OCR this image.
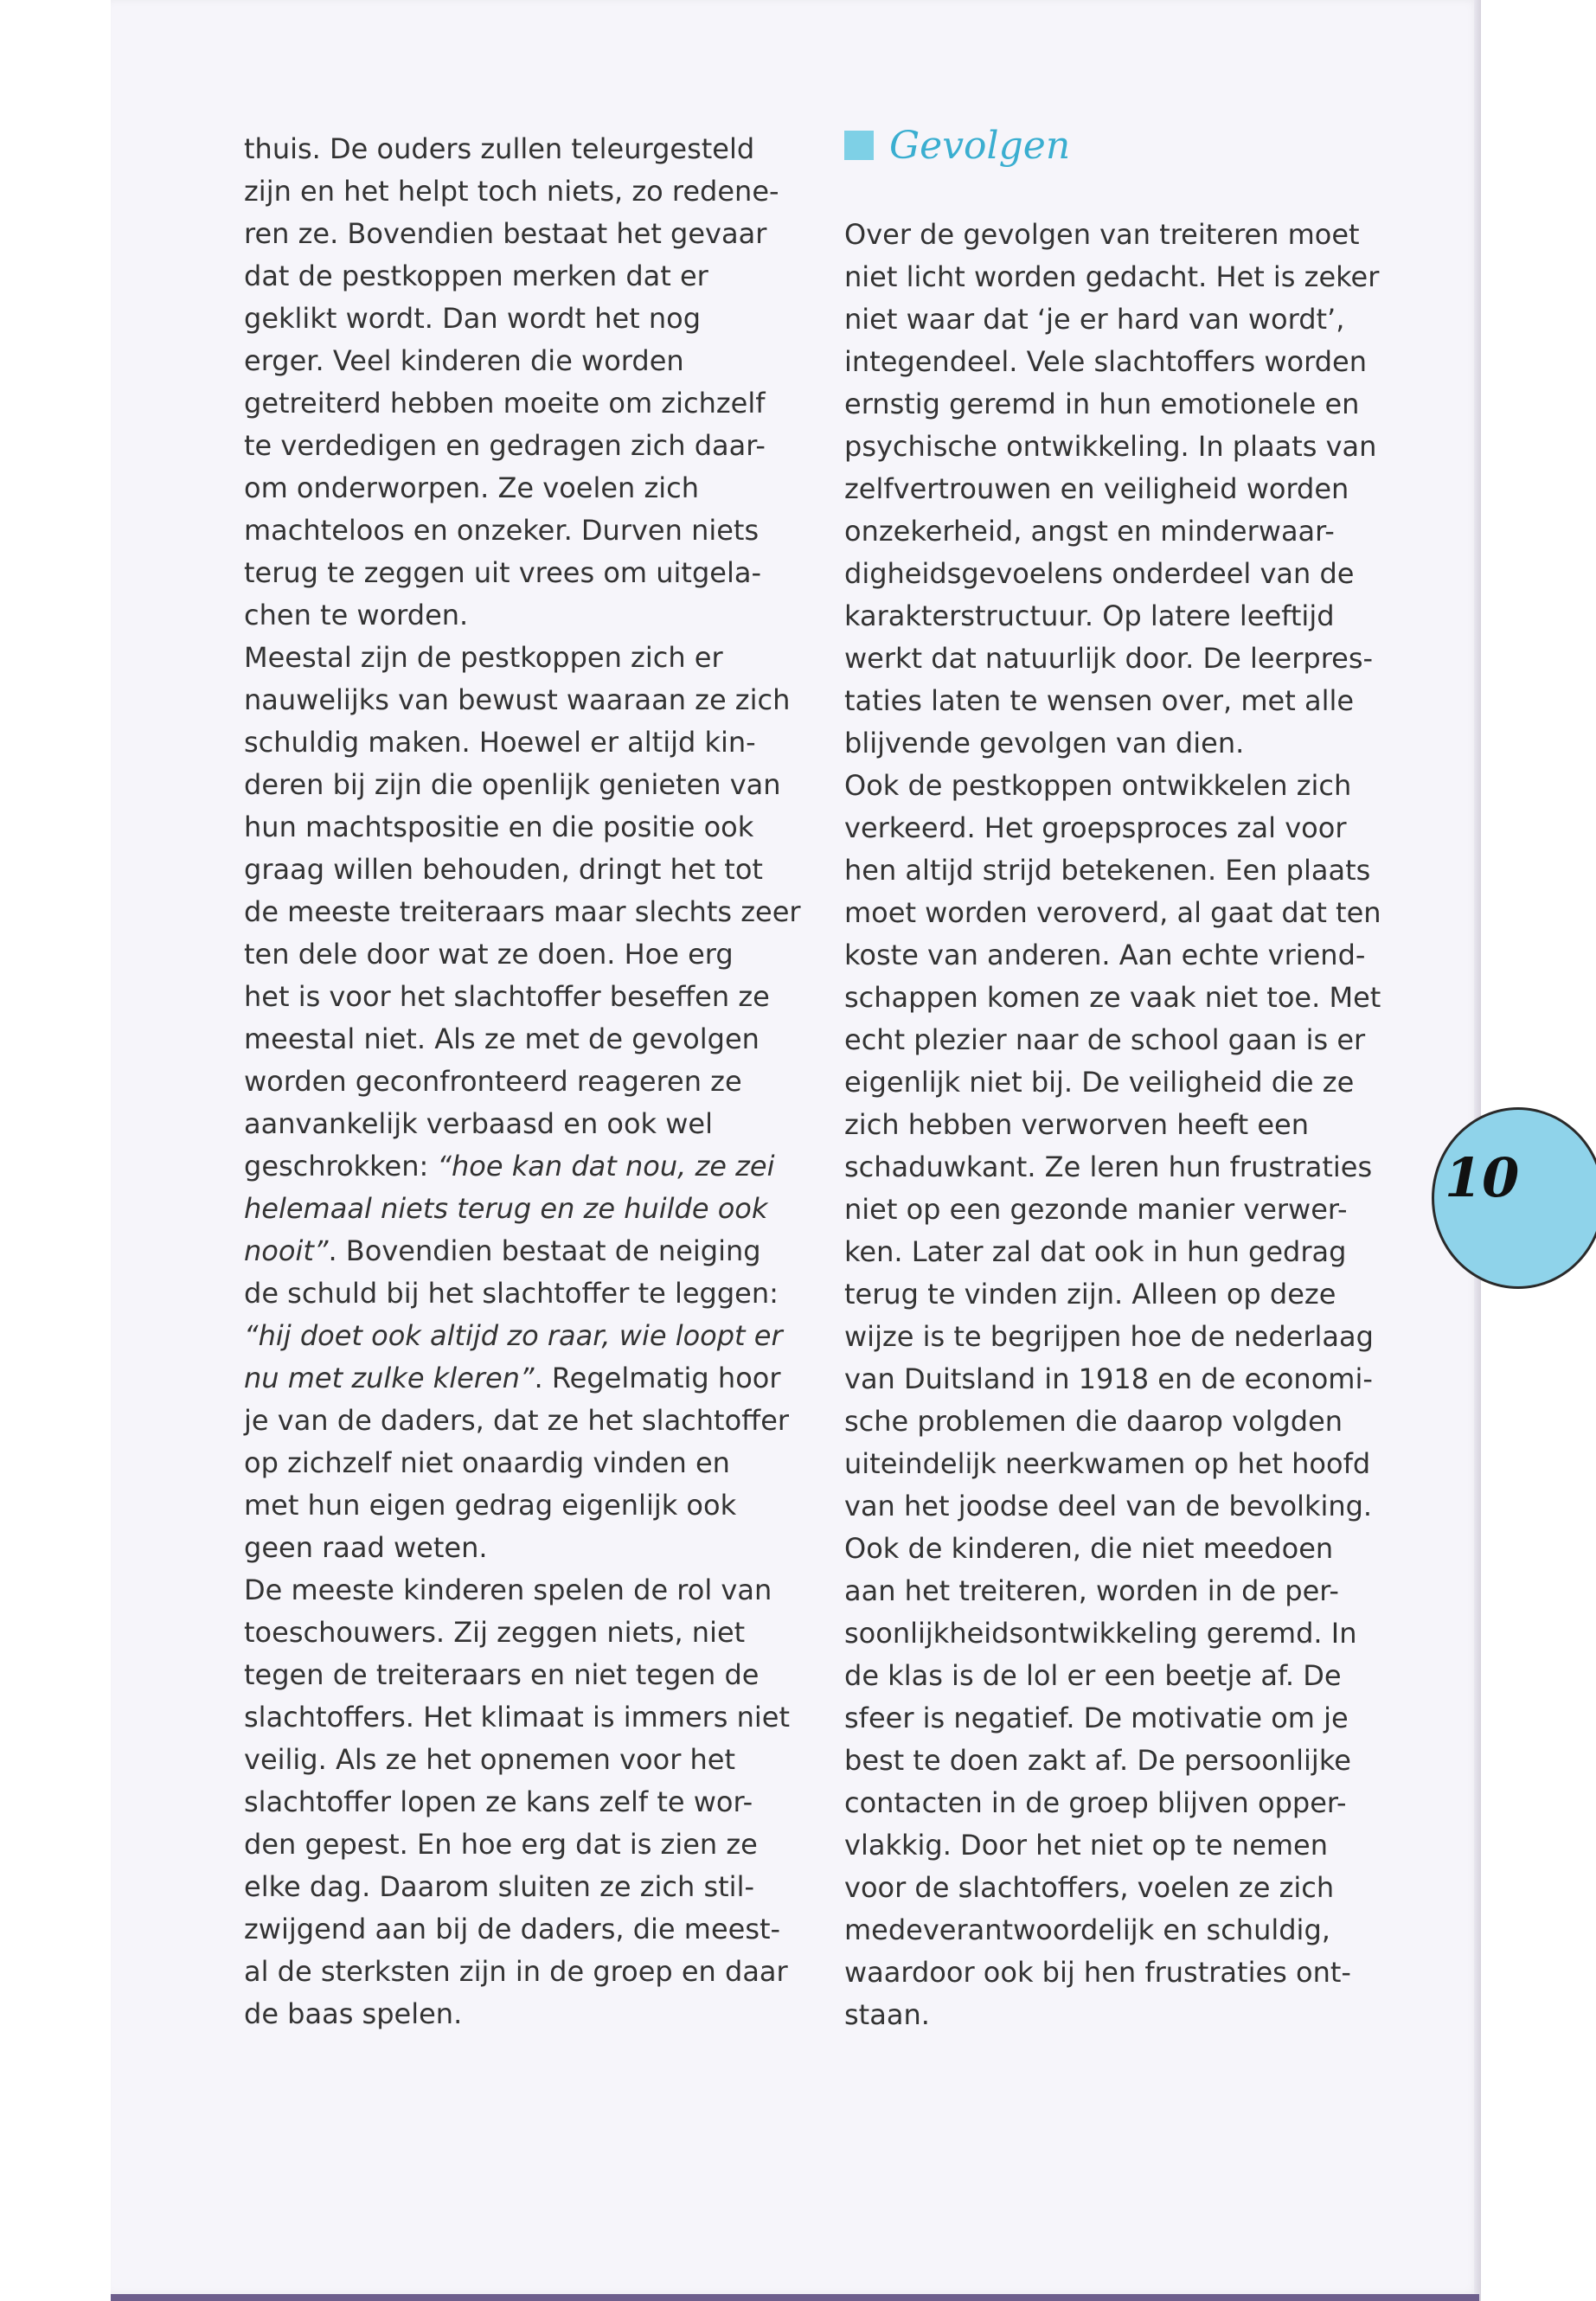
thuis. De ouders zullen teleurgesteld
zijn en het helpt toch niets, zo redene-
ren ze. Bovendien bestaat het gevaar
dat de pestkoppen merken dat er
geklikt wordt. Dan wordt het nog
erger. Veel kinderen die worden
getreiterd hebben moeite om zichzelf
te verdedigen en gedragen zich daar-
om onderworpen. Ze voelen zich
machteloos en onzeker. Durven niets
terug te zeggen uit vrees om uitgela-
chen te worden.
Meestal zijn de pestkoppen zich er
nauwelijks van bewust waaraan ze zich
schuldig maken. Hoewel er altijd kin-
deren bij zijn die openlijk genieten van
hun machtspositie en die positie ook
graag willen behouden, dringt het tot
de meeste treiteraars maar slechts zeer
ten dele door wat ze doen. Hoe erg
het is voor het slachtoffer beseffen ze
meestal niet. Als ze met de gevolgen
worden geconfronteerd reageren ze
aanvankelijk verbaasd en ook wel
geschrokken: “hoe kan dat nou, ze zei
helemaal niets terug en ze huilde ook
nooit”. Bovendien bestaat de neiging
de schuld bij het slachtoffer te leggen:
“hij doet ook altijd zo raar, wie loopt er
nu met zulke kleren”. Regelmatig hoor
je van de daders, dat ze het slachtoffer
op zichzelf niet onaardig vinden en
met hun eigen gedrag eigenlijk ook
geen raad weten.
De meeste kinderen spelen de rol van
toeschouwers. Zij zeggen niets, niet
tegen de treiteraars en niet tegen de
slachtoffers. Het klimaat is immers niet
veilig. Als ze het opnemen voor het
slachtoffer lopen ze kans zelf te wor-
den gepest. En hoe erg dat is zien ze
elke dag. Daarom sluiten ze zich stil-
zwijgend aan bij de daders, die meest-
al de sterksten zijn in de groep en daar
de baas spelen.
Gevolgen
Over de gevolgen van treiteren moet
niet licht worden gedacht. Het is zeker
niet waar dat ‘je er hard van wordt’,
integendeel. Vele slachtoffers worden
ernstig geremd in hun emotionele en
psychische ontwikkeling. In plaats van
zelfvertrouwen en veiligheid worden
onzekerheid, angst en minderwaar-
digheidsgevoelens onderdeel van de
karakterstructuur. Op latere leeftijd
werkt dat natuurlijk door. De leerpres-
taties laten te wensen over, met alle
blijvende gevolgen van dien.
Ook de pestkoppen ontwikkelen zich
verkeerd. Het groepsproces zal voor
hen altijd strijd betekenen. Een plaats
moet worden veroverd, al gaat dat ten
koste van anderen. Aan echte vriend-
schappen komen ze vaak niet toe. Met
echt plezier naar de school gaan is er
eigenlijk niet bij. De veiligheid die ze
zich hebben verworven heeft een
schaduwkant. Ze leren hun frustraties
niet op een gezonde manier verwer-
ken. Later zal dat ook in hun gedrag
terug te vinden zijn. Alleen op deze
wijze is te begrijpen hoe de nederlaag
van Duitsland in 1918 en de economi-
sche problemen die daarop volgden
uiteindelijk neerkwamen op het hoofd
van het joodse deel van de bevolking.
Ook de kinderen, die niet meedoen
aan het treiteren, worden in de per-
soonlijkheidsontwikkeling geremd. In
de klas is de lol er een beetje af. De
sfeer is negatief. De motivatie om je
best te doen zakt af. De persoonlijke
contacten in de groep blijven opper-
vlakkig. Door het niet op te nemen
voor de slachtoffers, voelen ze zich
medeverantwoordelijk en schuldig,
waardoor ook bij hen frustraties ont-
staan.
10
